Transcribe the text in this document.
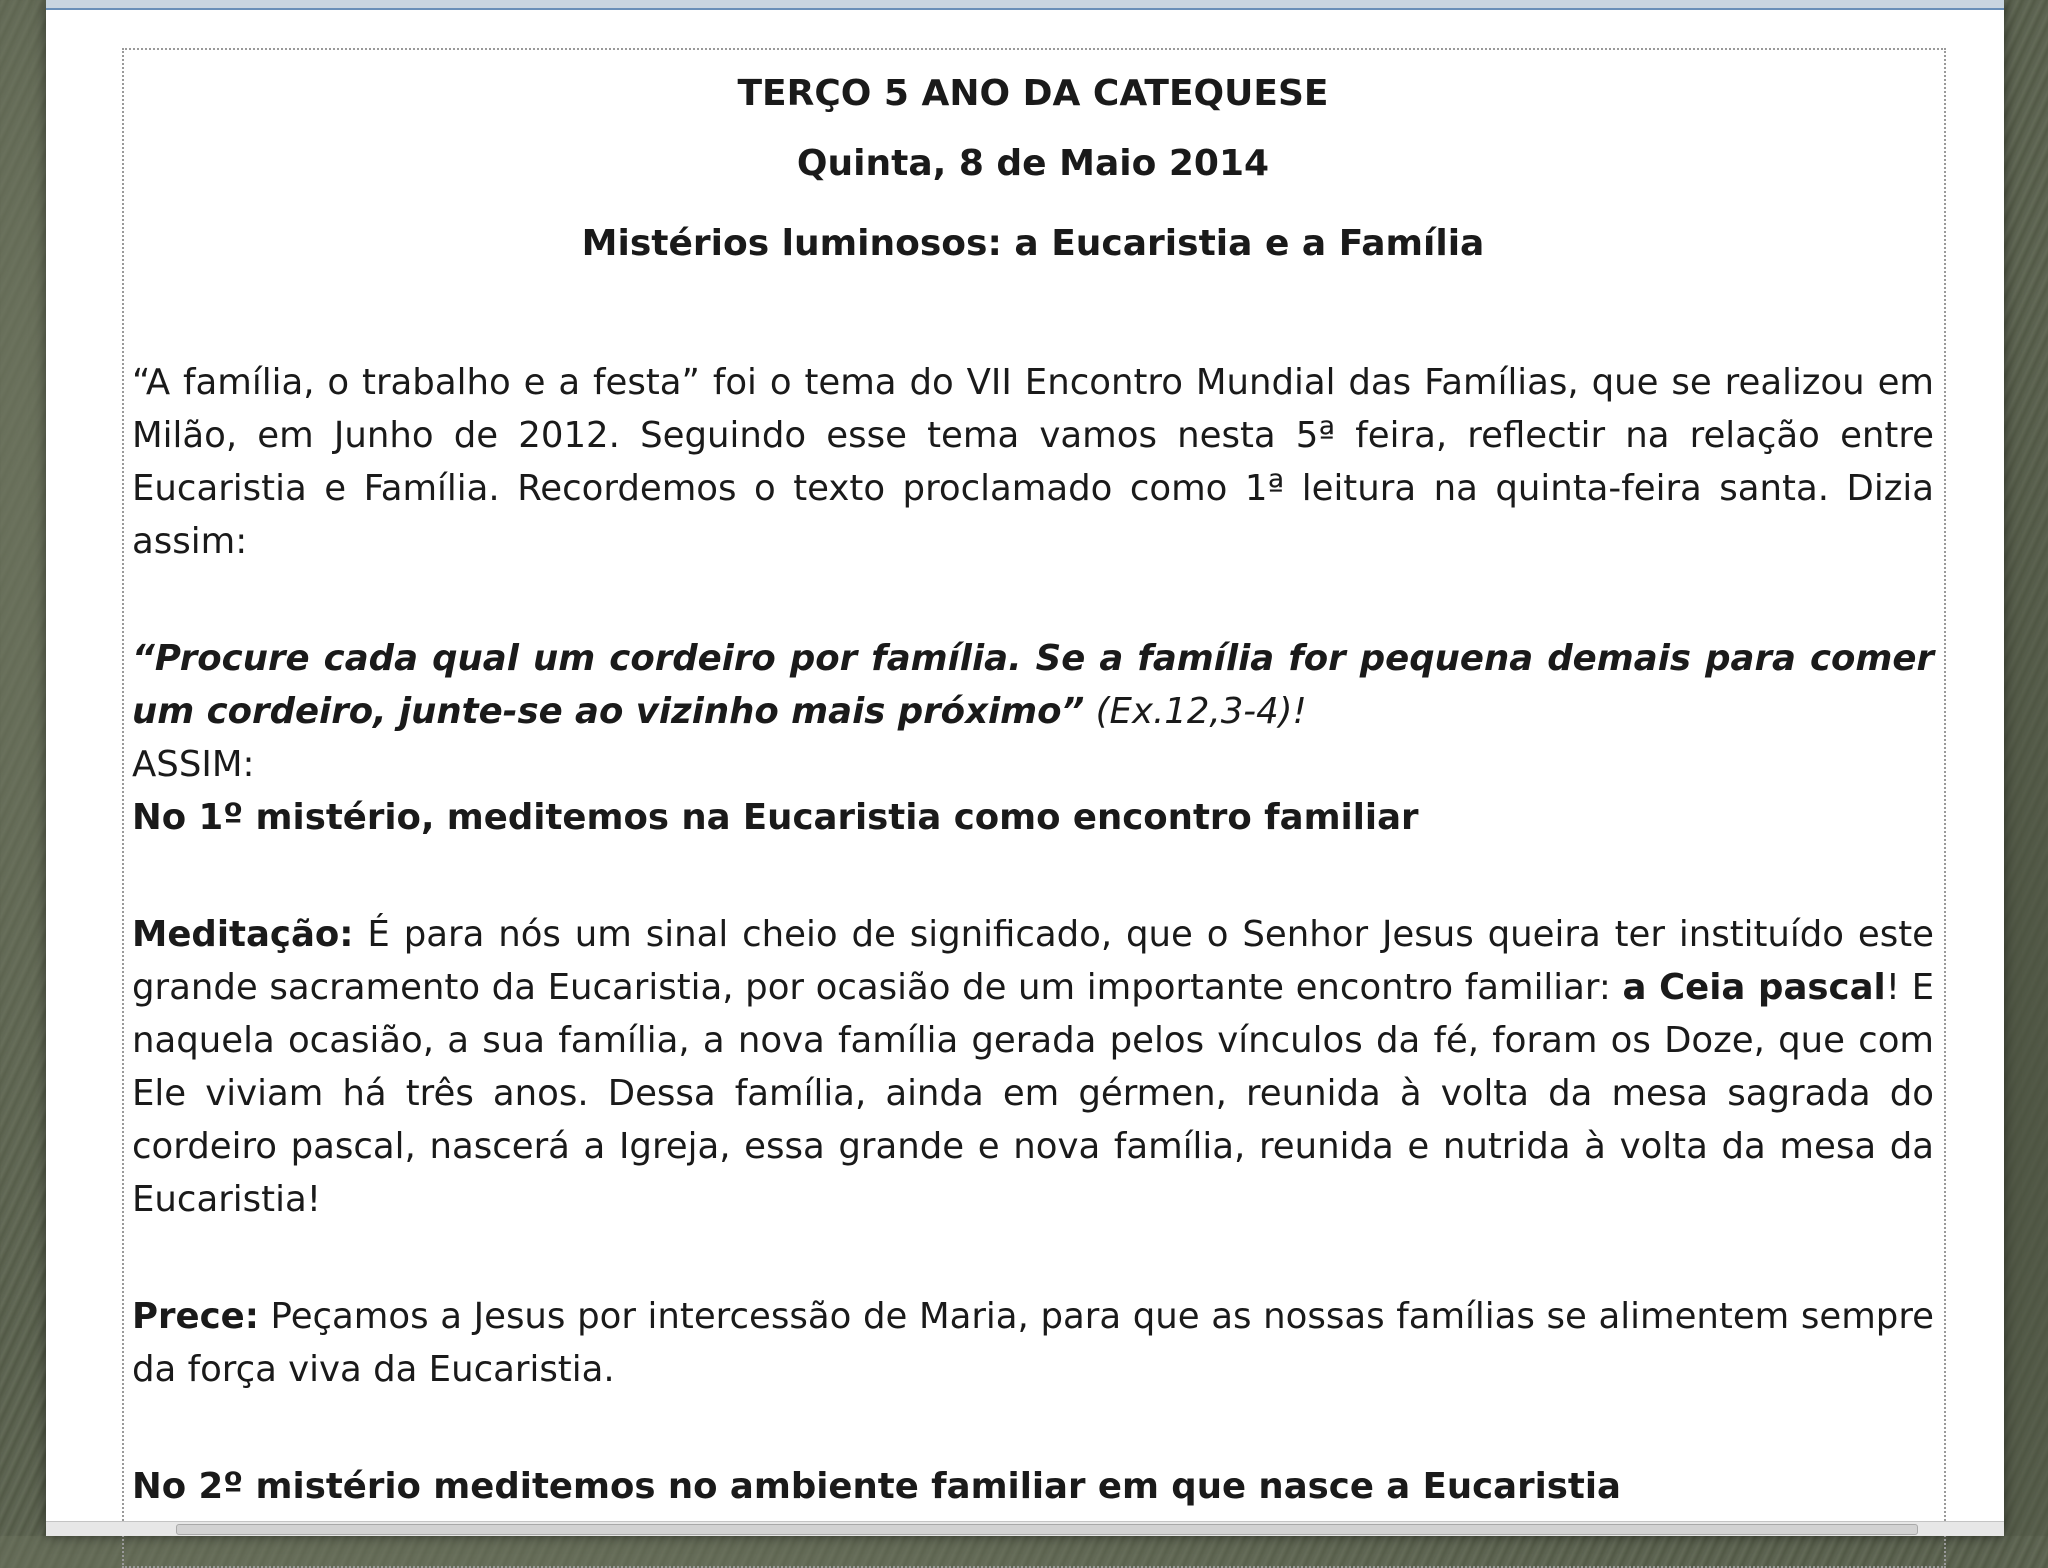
TERÇO 5 ANO DA CATEQUESE

Quinta, 8 de Maio 2014

Mistérios luminosos: a Eucaristia e a Família

“A família, o trabalho e a festa” foi o tema do VII Encontro Mundial das Famílias, que se realizou em Milão, em Junho de 2012. Seguindo esse tema vamos nesta 5ª feira, reflectir na relação entre Eucaristia e Família. Recordemos o texto proclamado como 1ª leitura na quinta-feira santa. Dizia assim:

“Procure cada qual um cordeiro por família. Se a família for pequena demais para comer um cordeiro, junte-se ao vizinho mais próximo” (Ex.12,3-4)!

ASSIM:

No 1º mistério, meditemos na Eucaristia como encontro familiar

Meditação: É para nós um sinal cheio de significado, que o Senhor Jesus queira ter instituído este grande sacramento da Eucaristia, por ocasião de um importante encontro familiar: a Ceia pascal! E naquela ocasião, a sua família, a nova família gerada pelos vínculos da fé, foram os Doze, que com Ele viviam há três anos. Dessa família, ainda em gérmen, reunida à volta da mesa sagrada do cordeiro pascal, nascerá a Igreja, essa grande e nova família, reunida e nutrida à volta da mesa da Eucaristia!

Prece: Peçamos a Jesus por intercessão de Maria, para que as nossas famílias se alimentem sempre da força viva da Eucaristia.

No 2º mistério meditemos no ambiente familiar em que nasce a Eucaristia
